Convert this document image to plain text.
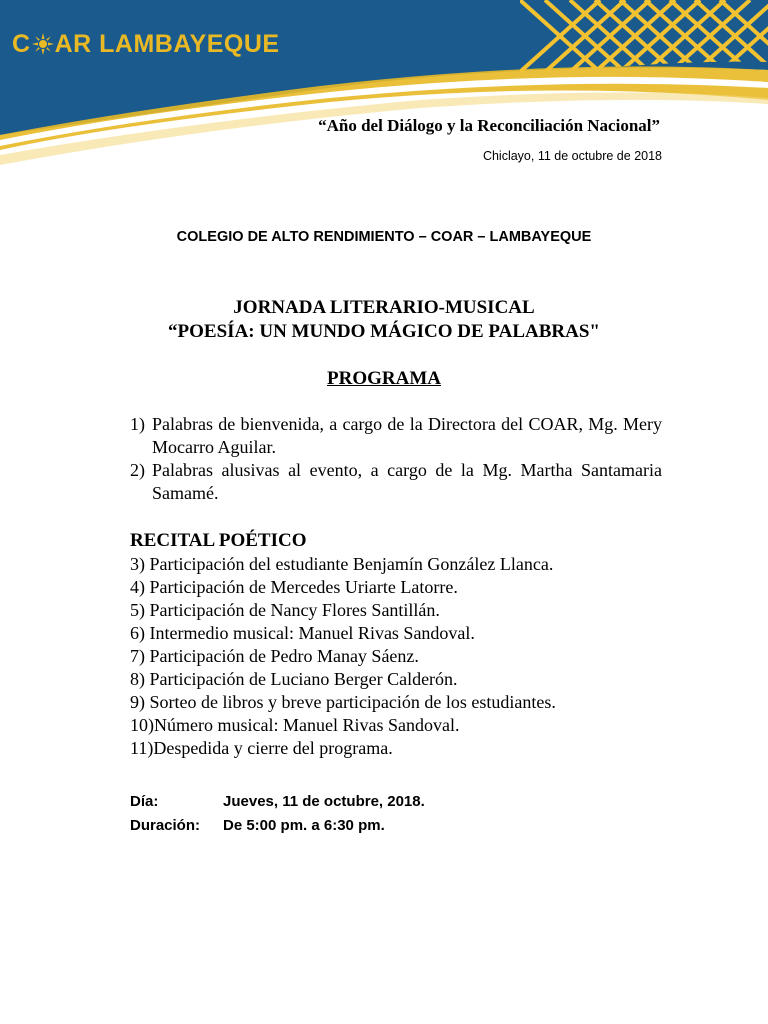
C AR LAMBAYEQUE
“Año del Diálogo y la Reconciliación Nacional”
Chiclayo, 11 de octubre de 2018
COLEGIO DE ALTO RENDIMIENTO – COAR – LAMBAYEQUE
JORNADA LITERARIO-MUSICAL
“POESÍA: UN MUNDO MÁGICO DE PALABRAS"
PROGRAMA
1) Palabras de bienvenida, a cargo de la Directora del COAR, Mg. Mery Mocarro Aguilar.
2) Palabras alusivas al evento, a cargo de la Mg. Martha Santamaria Samamé.
RECITAL POÉTICO
3) Participación del estudiante Benjamín González Llanca.
4) Participación de Mercedes Uriarte Latorre.
5) Participación de Nancy Flores Santillán.
6) Intermedio musical: Manuel Rivas Sandoval.
7) Participación de Pedro Manay Sáenz.
8) Participación de Luciano Berger Calderón.
9) Sorteo de libros y breve participación de los estudiantes.
10)Número musical: Manuel Rivas Sandoval.
11)Despedida y cierre del programa.
Día:	Jueves, 11 de octubre, 2018.
Duración:	De 5:00 pm. a 6:30 pm.
